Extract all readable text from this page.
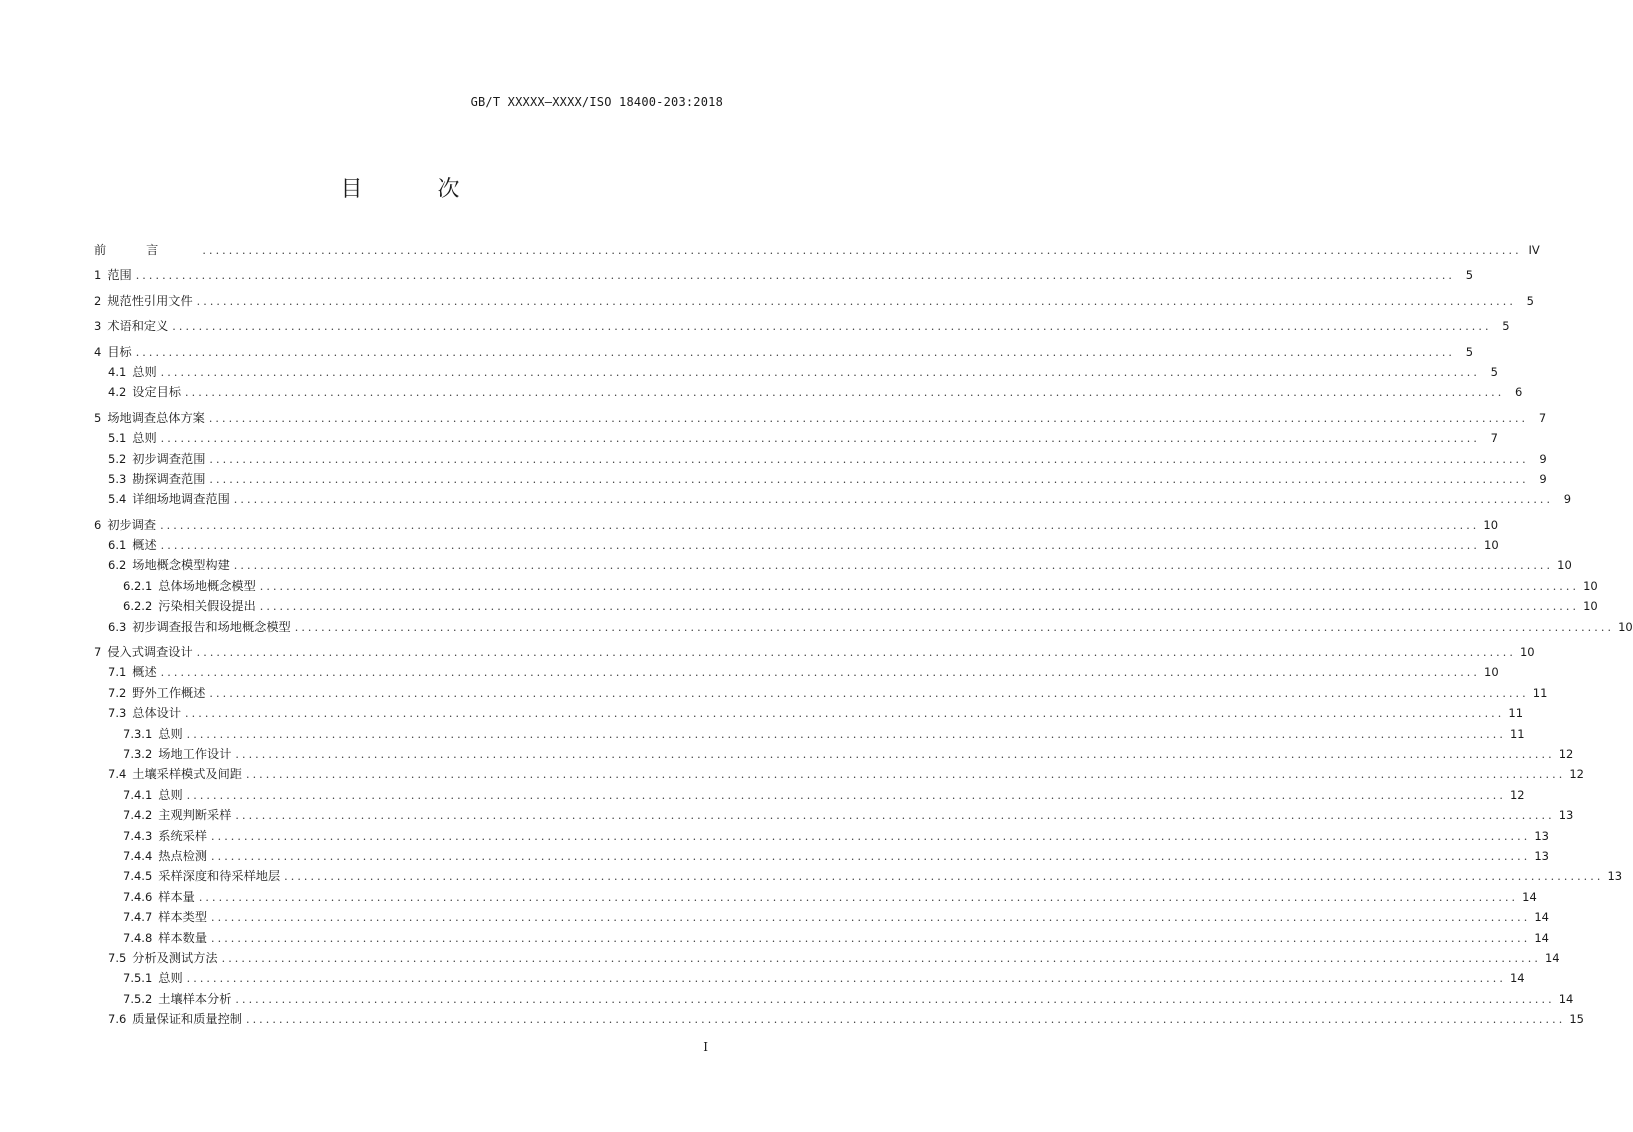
GB/T XXXXX—XXXX/ISO 18400-203:2018
目 次
前言 ........................................................................................................................................................................................................ IV
1 范围 ........................................................................................................................................................................................................ 5
2 规范性引用文件 ........................................................................................................................................................................................................ 5
3 术语和定义 ........................................................................................................................................................................................................ 5
4 目标 ........................................................................................................................................................................................................ 5
4.1 总则 ........................................................................................................................................................................................................ 5
4.2 设定目标 ........................................................................................................................................................................................................ 6
5 场地调查总体方案 ........................................................................................................................................................................................................ 7
5.1 总则 ........................................................................................................................................................................................................ 7
5.2 初步调查范围 ........................................................................................................................................................................................................ 9
5.3 勘探调查范围 ........................................................................................................................................................................................................ 9
5.4 详细场地调查范围 ........................................................................................................................................................................................................ 9
6 初步调查 ........................................................................................................................................................................................................ 10
6.1 概述 ........................................................................................................................................................................................................ 10
6.2 场地概念模型构建 ........................................................................................................................................................................................................ 10
6.2.1 总体场地概念模型 ........................................................................................................................................................................................................ 10
6.2.2 污染相关假设提出 ........................................................................................................................................................................................................ 10
6.3 初步调查报告和场地概念模型 ........................................................................................................................................................................................................ 10
7 侵入式调查设计 ........................................................................................................................................................................................................ 10
7.1 概述 ........................................................................................................................................................................................................ 10
7.2 野外工作概述 ........................................................................................................................................................................................................ 11
7.3 总体设计 ........................................................................................................................................................................................................ 11
7.3.1 总则 ........................................................................................................................................................................................................ 11
7.3.2 场地工作设计 ........................................................................................................................................................................................................ 12
7.4 土壤采样模式及间距 ........................................................................................................................................................................................................ 12
7.4.1 总则 ........................................................................................................................................................................................................ 12
7.4.2 主观判断采样 ........................................................................................................................................................................................................ 13
7.4.3 系统采样 ........................................................................................................................................................................................................ 13
7.4.4 热点检测 ........................................................................................................................................................................................................ 13
7.4.5 采样深度和待采样地层 ........................................................................................................................................................................................................ 13
7.4.6 样本量 ........................................................................................................................................................................................................ 14
7.4.7 样本类型 ........................................................................................................................................................................................................ 14
7.4.8 样本数量 ........................................................................................................................................................................................................ 14
7.5 分析及测试方法 ........................................................................................................................................................................................................ 14
7.5.1 总则 ........................................................................................................................................................................................................ 14
7.5.2 土壤样本分析 ........................................................................................................................................................................................................ 14
7.6 质量保证和质量控制 ........................................................................................................................................................................................................ 15
I
